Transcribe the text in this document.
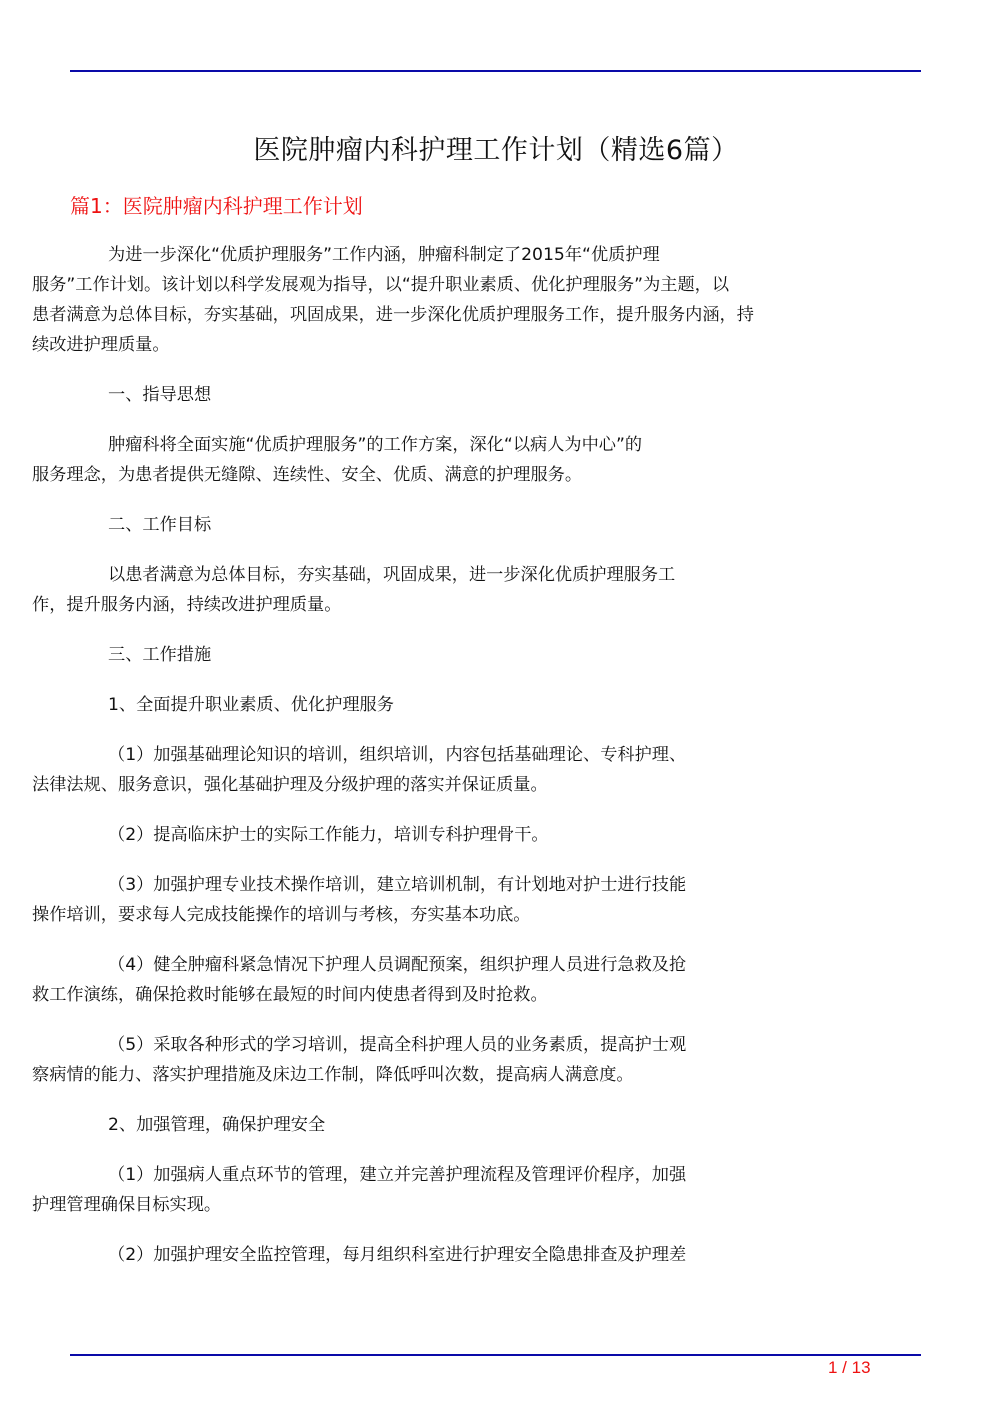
医院肿瘤内科护理工作计划（精选6篇）
篇1：医院肿瘤内科护理工作计划

为进一步深化“优质护理服务”工作内涵，肿瘤科制定了2015年“优质护理
服务”工作计划。该计划以科学发展观为指导，以“提升职业素质、优化护理服务”为主题，以
患者满意为总体目标，夯实基础，巩固成果，进一步深化优质护理服务工作，提升服务内涵，持
续改进护理质量。

一、指导思想

肿瘤科将全面实施“优质护理服务”的工作方案，深化“以病人为中心”的
服务理念，为患者提供无缝隙、连续性、安全、优质、满意的护理服务。

二、工作目标

以患者满意为总体目标，夯实基础，巩固成果，进一步深化优质护理服务工
作，提升服务内涵，持续改进护理质量。

三、工作措施

1、全面提升职业素质、优化护理服务

（1）加强基础理论知识的培训，组织培训，内容包括基础理论、专科护理、
法律法规、服务意识，强化基础护理及分级护理的落实并保证质量。

（2）提高临床护士的实际工作能力，培训专科护理骨干。

（3）加强护理专业技术操作培训，建立培训机制，有计划地对护士进行技能
操作培训，要求每人完成技能操作的培训与考核，夯实基本功底。

（4）健全肿瘤科紧急情况下护理人员调配预案，组织护理人员进行急救及抢
救工作演练，确保抢救时能够在最短的时间内使患者得到及时抢救。

（5）采取各种形式的学习培训，提高全科护理人员的业务素质，提高护士观
察病情的能力、落实护理措施及床边工作制，降低呼叫次数，提高病人满意度。

2、加强管理，确保护理安全

（1）加强病人重点环节的管理，建立并完善护理流程及管理评价程序，加强
护理管理确保目标实现。

（2）加强护理安全监控管理，每月组织科室进行护理安全隐患排查及护理差

1 / 13
